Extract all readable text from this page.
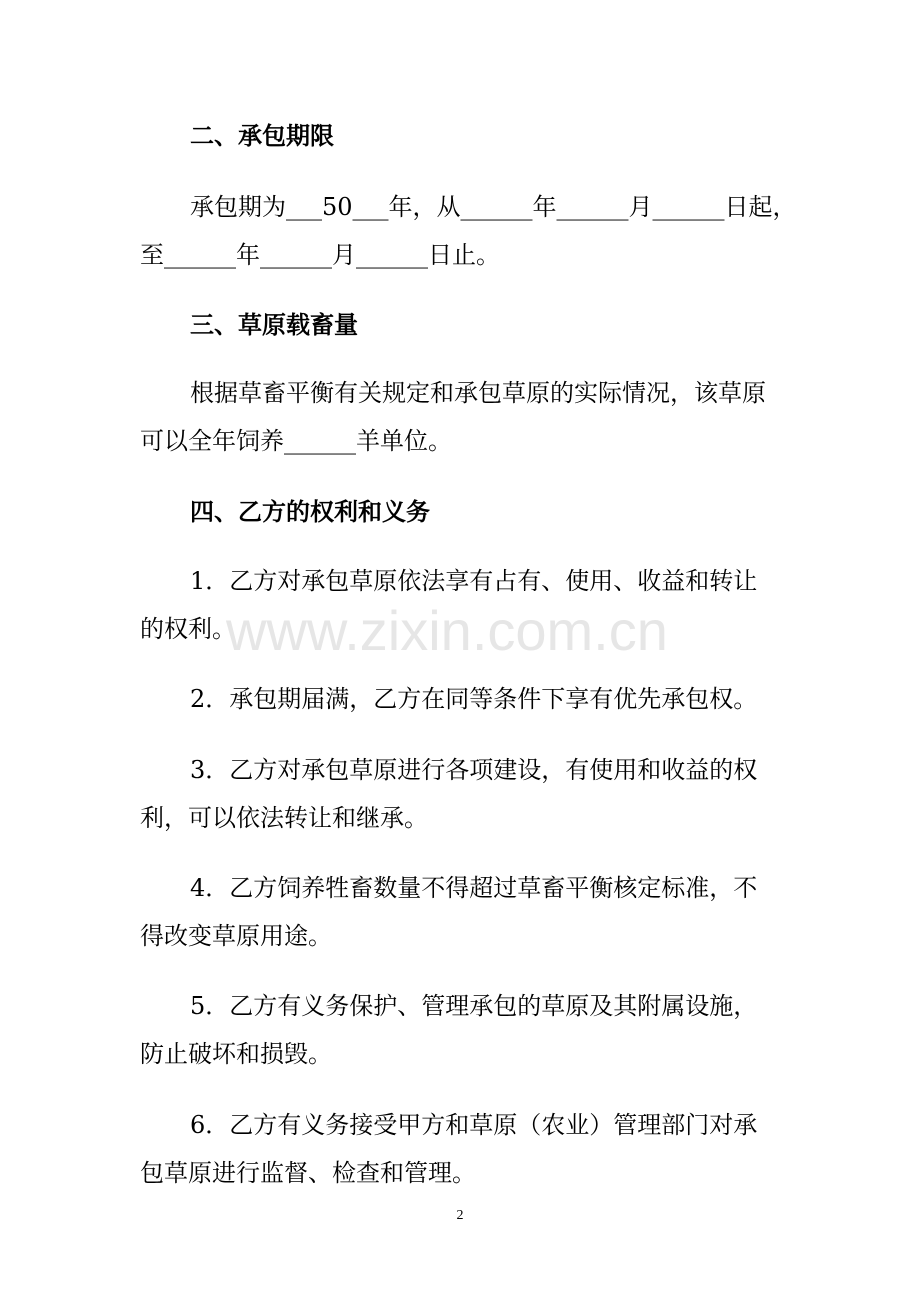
www.zixin.com.cn
二、承包期限
承包期为___50___年，从______年______月______日起，
至______年______月______日止。
三、草原载畜量
根据草畜平衡有关规定和承包草原的实际情况，该草原
可以全年饲养______羊单位。
四、乙方的权利和义务
1．乙方对承包草原依法享有占有、使用、收益和转让
的权利。
2．承包期届满，乙方在同等条件下享有优先承包权。
3．乙方对承包草原进行各项建设，有使用和收益的权
利，可以依法转让和继承。
4．乙方饲养牲畜数量不得超过草畜平衡核定标准，不
得改变草原用途。
5．乙方有义务保护、管理承包的草原及其附属设施，
防止破坏和损毁。
6．乙方有义务接受甲方和草原（农业）管理部门对承
包草原进行监督、检查和管理。
2
